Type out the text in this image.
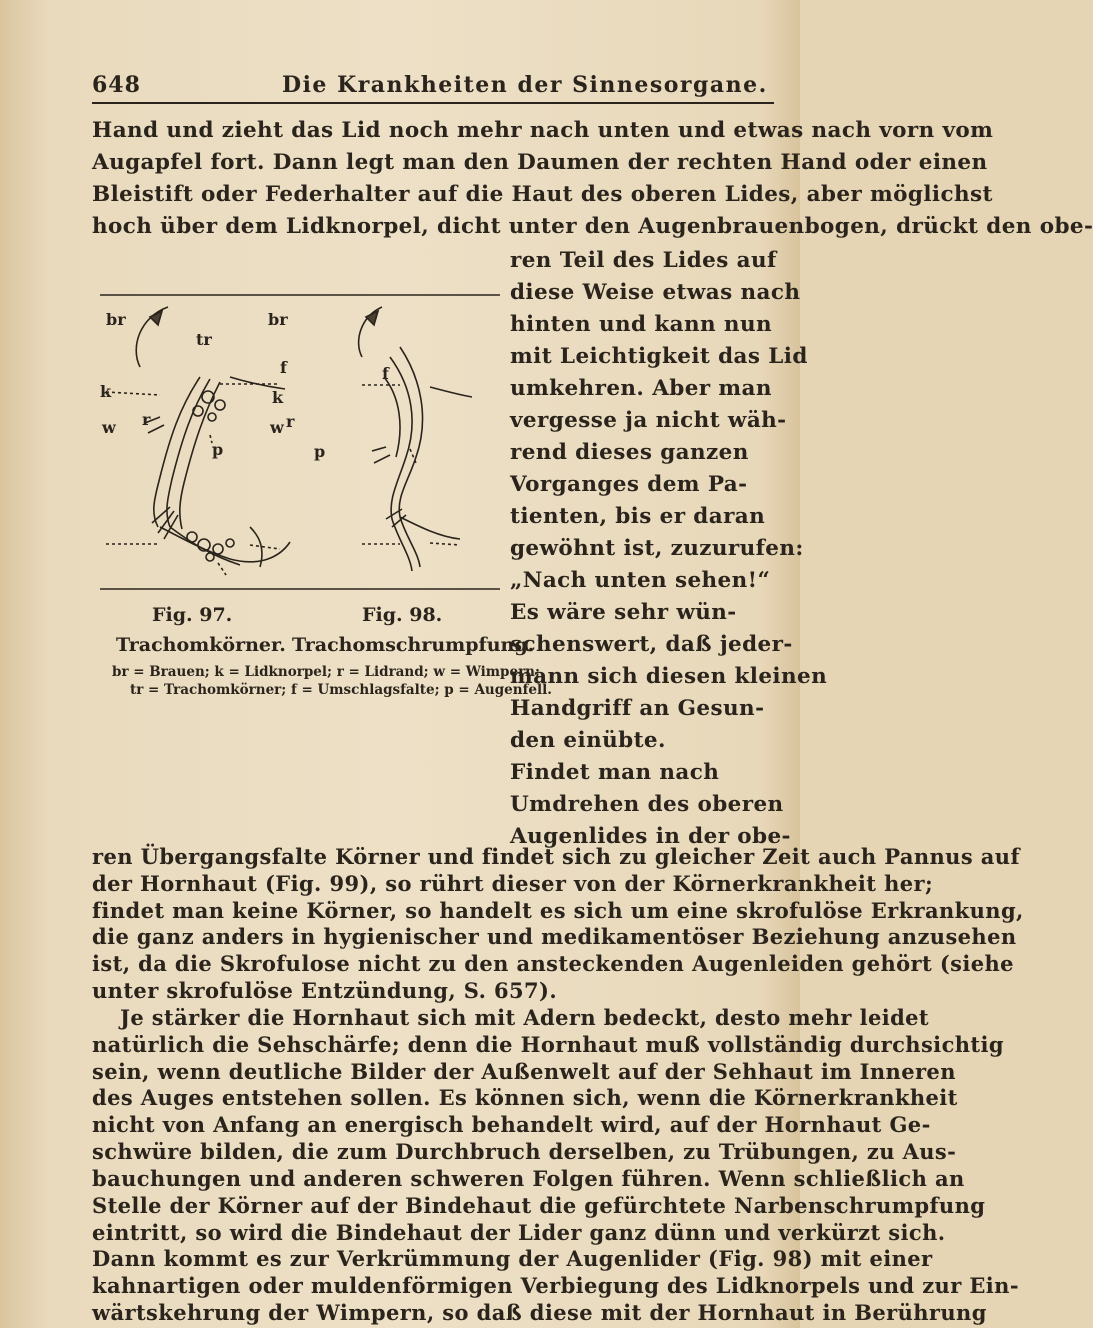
648	Die Krankheiten der Sinnesorgane.
Hand und zieht das Lid noch mehr nach unten und etwas nach vorn vom
Augapfel fort. Dann legt man den Daumen der rechten Hand oder einen
Bleistift oder Federhalter auf die Haut des oberen Lides, aber möglichst
hoch über dem Lidknorpel, dicht unter den Augenbrauenbogen, drückt den obe-
ren Teil des Lides auf
diese Weise etwas nach
hinten und kann nun
mit Leichtigkeit das Lid
umkehren. Aber man
vergesse ja nicht wäh-
rend dieses ganzen
Vorganges dem Pa-
tienten, bis er daran
gewöhnt ist, zuzurufen:
„Nach unten sehen!“
Es wäre sehr wün-
schenswert, daß jeder-
mann sich diesen kleinen
Handgriff an Gesun-
den einübte.
Findet man nach
Umdrehen des oberen
Augenlides in der obe-
br
tr
f
k
w r
p
br
f
k
w r
p
Fig. 97.	Fig. 98.
Trachomkörner. Trachomschrumpfung.
br = Brauen; k = Lidknorpel; r = Lidrand; w = Wimpern;
tr = Trachomkörner; f = Umschlagsfalte; p = Augenfell.
ren Übergangsfalte Körner und findet sich zu gleicher Zeit auch Pannus auf
der Hornhaut (Fig. 99), so rührt dieser von der Körnerkrankheit her;
findet man keine Körner, so handelt es sich um eine skrofulöse Erkrankung,
die ganz anders in hygienischer und medikamentöser Beziehung anzusehen
ist, da die Skrofulose nicht zu den ansteckenden Augenleiden gehört (siehe
unter skrofulöse Entzündung, S. 657).
Je stärker die Hornhaut sich mit Adern bedeckt, desto mehr leidet
natürlich die Sehschärfe; denn die Hornhaut muß vollständig durchsichtig
sein, wenn deutliche Bilder der Außenwelt auf der Sehhaut im Inneren
des Auges entstehen sollen. Es können sich, wenn die Körnerkrankheit
nicht von Anfang an energisch behandelt wird, auf der Hornhaut Ge-
schwüre bilden, die zum Durchbruch derselben, zu Trübungen, zu Aus-
bauchungen und anderen schweren Folgen führen. Wenn schließlich an
Stelle der Körner auf der Bindehaut die gefürchtete Narbenschrumpfung
eintritt, so wird die Bindehaut der Lider ganz dünn und verkürzt sich.
Dann kommt es zur Verkrümmung der Augenlider (Fig. 98) mit einer
kahnartigen oder muldenförmigen Verbiegung des Lidknorpels und zur Ein-
wärtskehrung der Wimpern, so daß diese mit der Hornhaut in Berührung
